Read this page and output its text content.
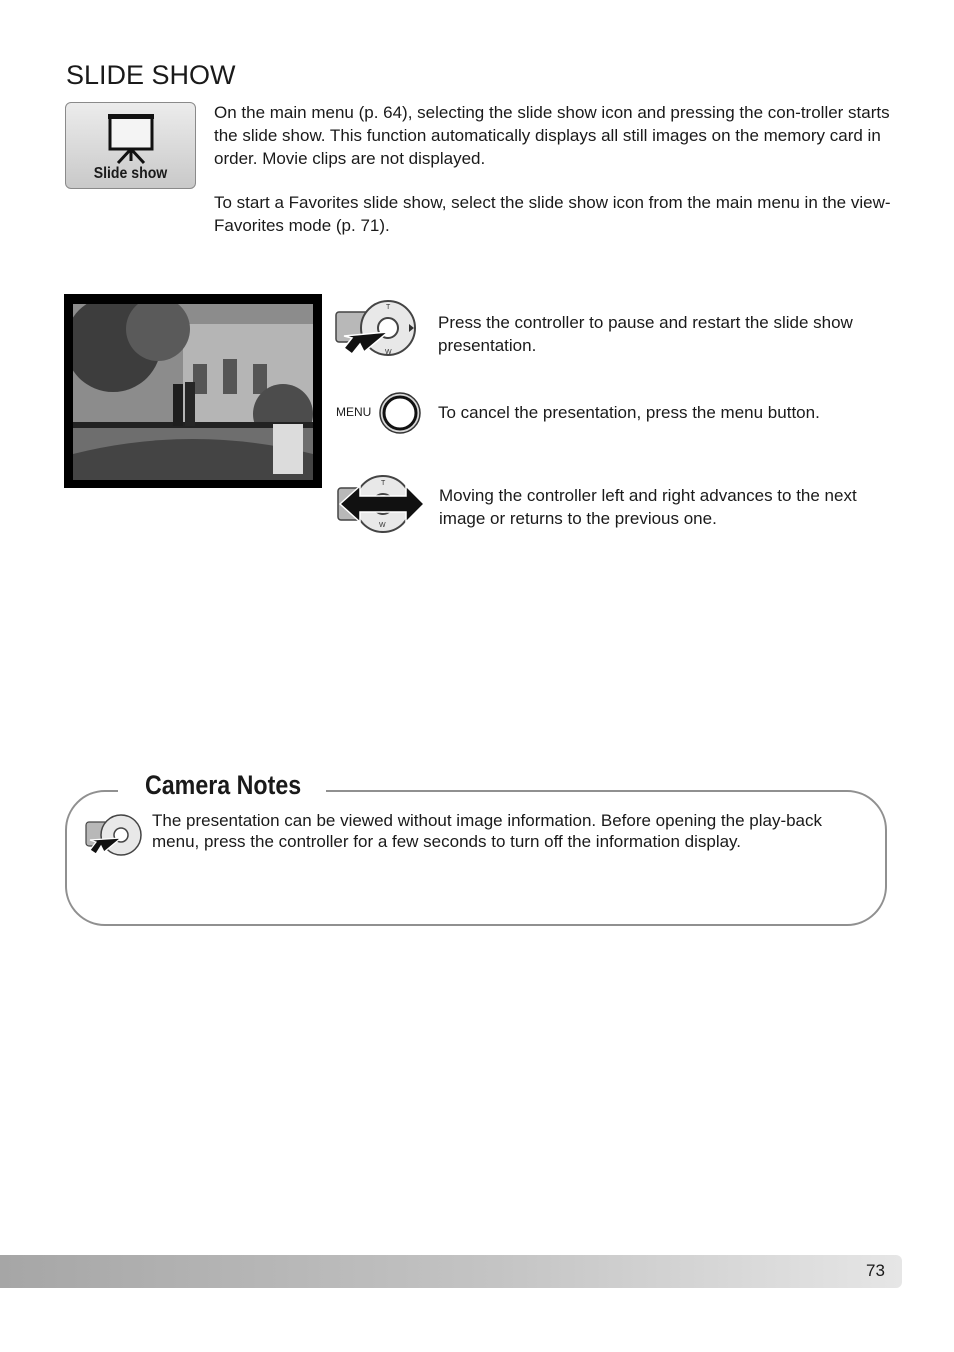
SLIDE SHOW
Slide show

On the main menu (p. 64), selecting the slide show icon and pressing the con-troller starts the slide show. This function automatically displays all still images on the memory card in order. Movie clips are not displayed.

To start a Favorites slide show, select the slide show icon from the main menu in the view-Favorites mode (p. 71).

T
W

Press the controller to pause and restart the slide show presentation.

MENU	To cancel the presentation, press the menu button.

T
W

Moving the controller left and right advances to the next image or returns to the previous one.

Camera Notes

The presentation can be viewed without image information. Before opening the play-back menu, press the controller for a few seconds to turn off the information display.

73
